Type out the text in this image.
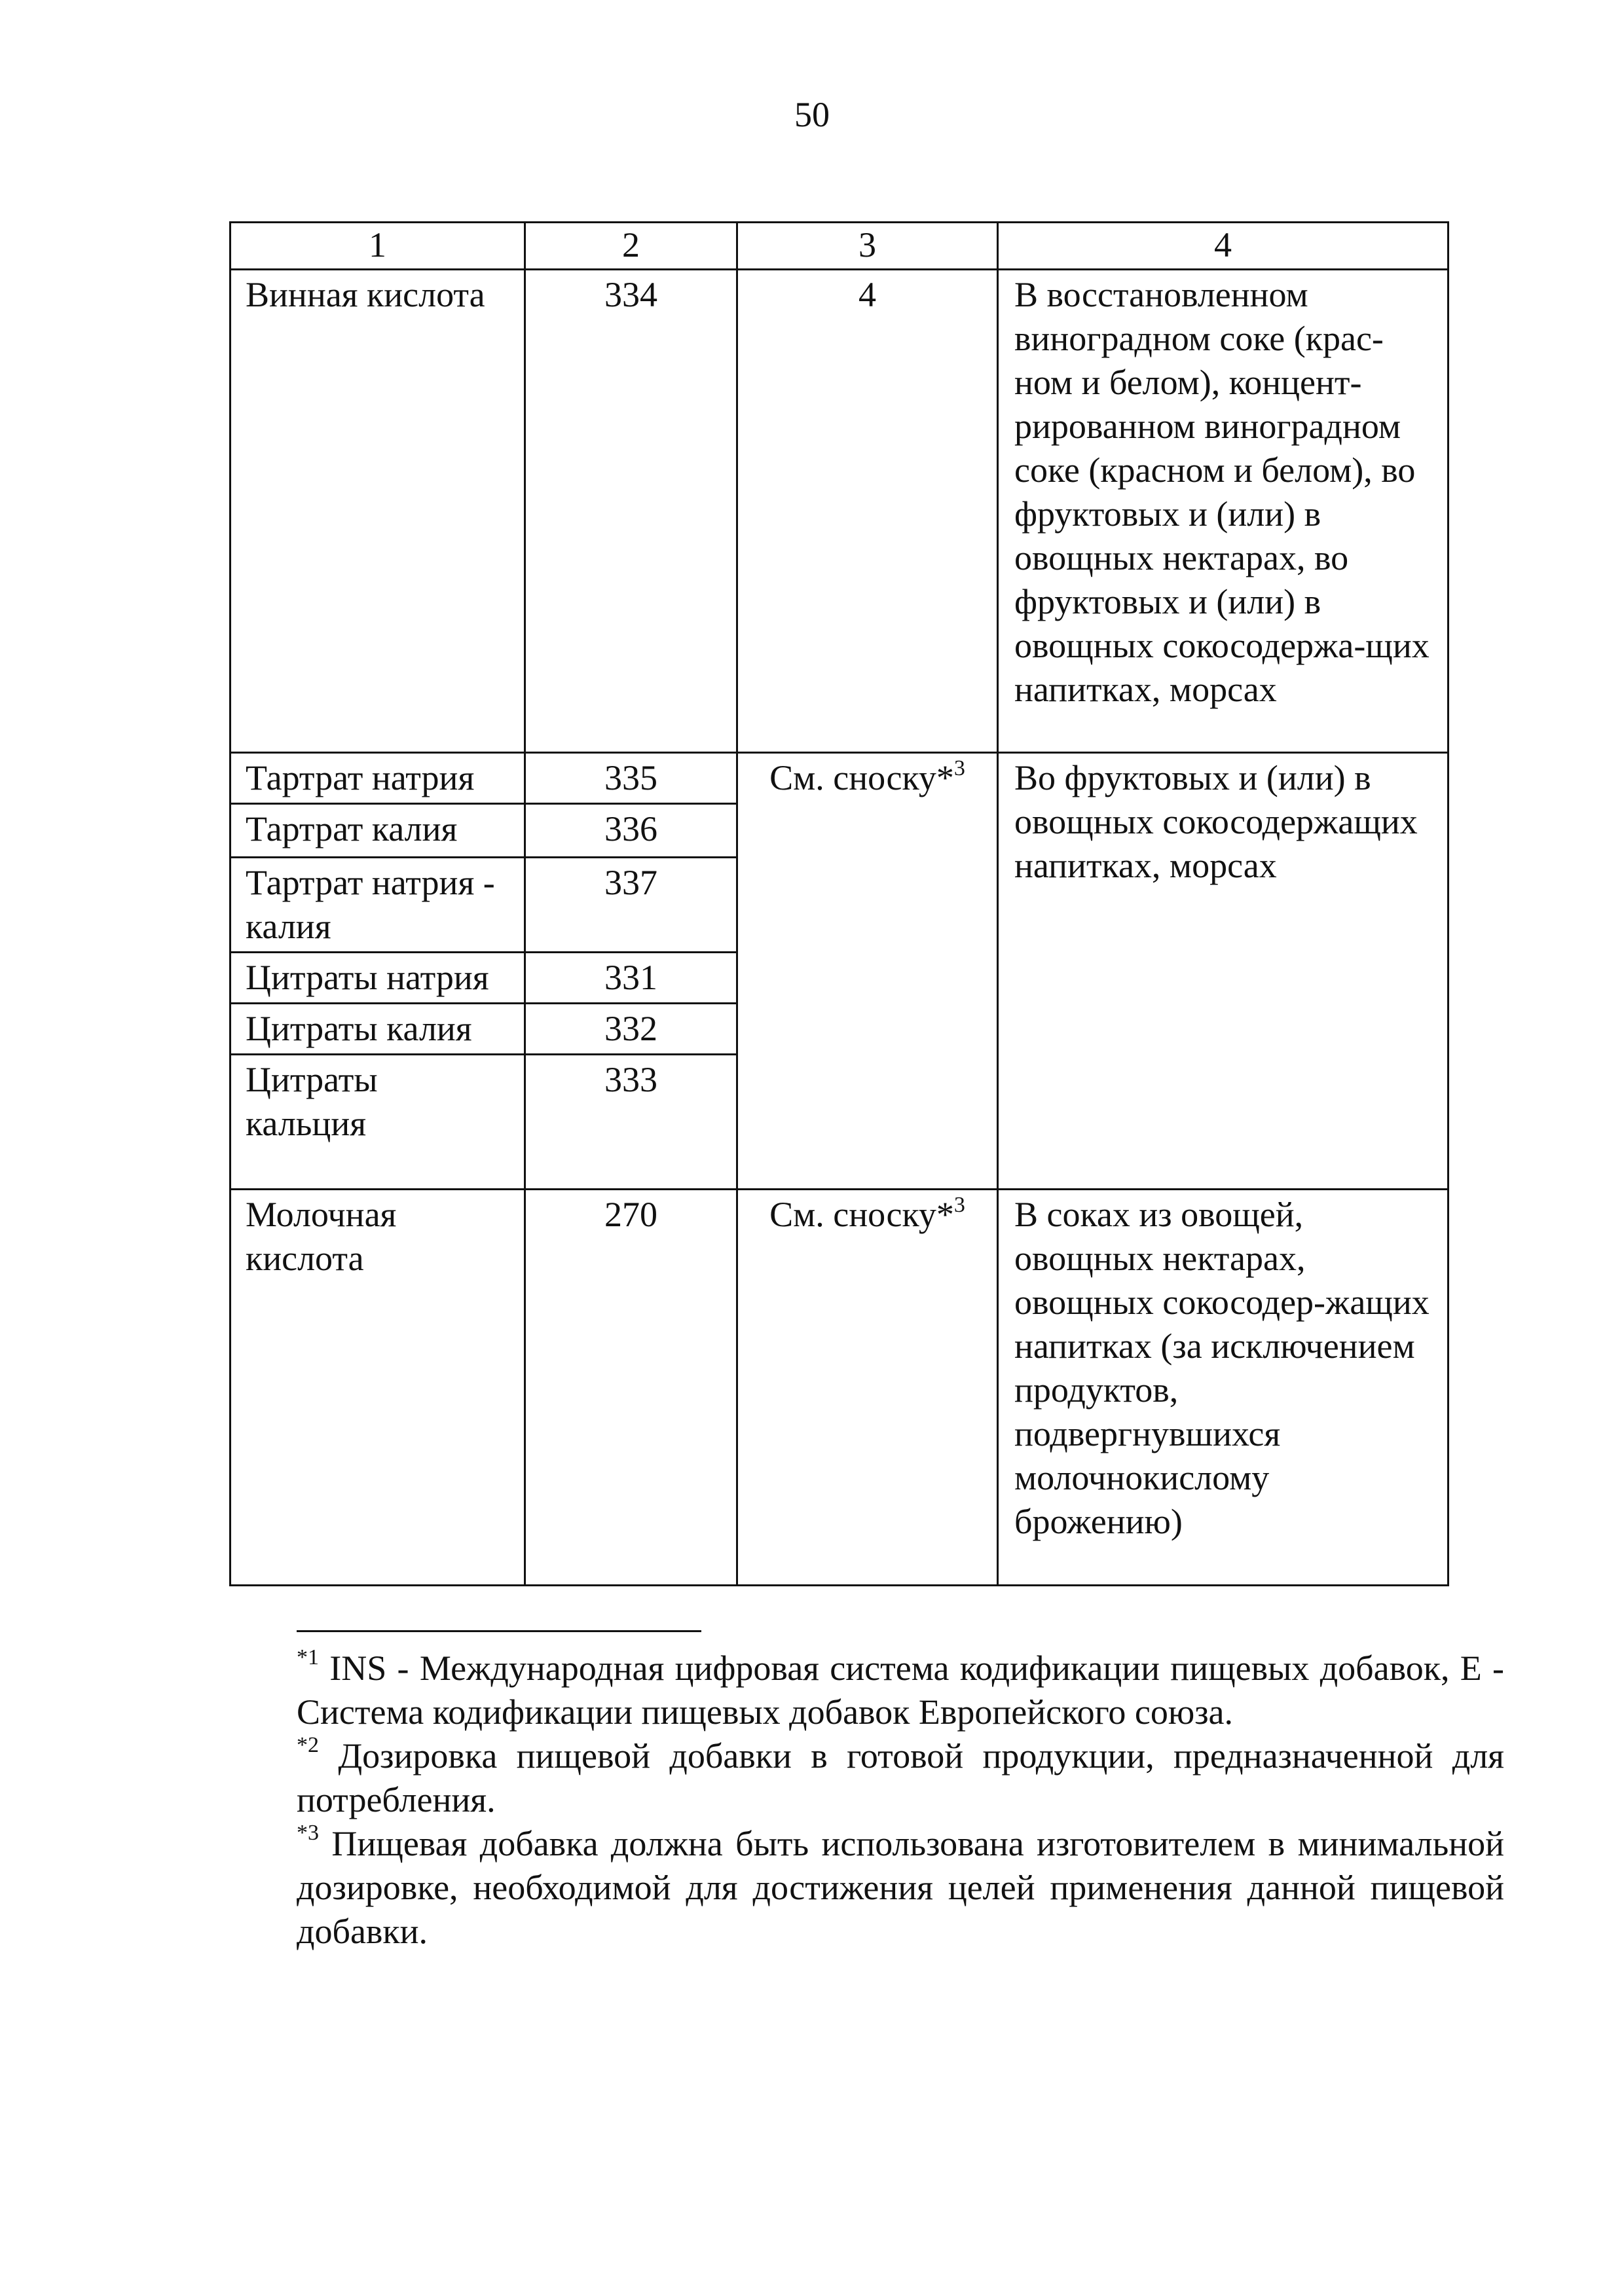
50
1	2	3	4
Винная кислота	334	4	В восстановленном виноградном соке (крас-ном и белом), концент-рированном виноградном соке (красном и белом), во фруктовых и (или) в овощных нектарах, во фруктовых и (или) в овощных сокосодержа-щих напитках, морсах
Тартрат натрия	335	См. сноску*$^3$	Во фруктовых и (или) в овощных сокосодержащих напитках, морсах
Тартрат калия	336		
Тартрат натрия - калия	337		
Цитраты натрия	331		
Цитраты калия	332		
Цитраты кальция	333		
Молочная кислота	270	См. сноску*$^3$	В соках из овощей, овощных нектарах, овощных сокосодер-жащих напитках (за исключением продуктов, подвергнувшихся молочнокислому брожению)

$^{*1}$ INS - Международная цифровая система кодификации пищевых добавок, E - Система кодификации пищевых добавок Европейского союза.

$^{*2}$ Дозировка пищевой добавки в готовой продукции, предназначенной для потребления.

$^{*3}$ Пищевая добавка должна быть использована изготовителем в минимальной дозировке, необходимой для достижения целей применения данной пищевой добавки.
